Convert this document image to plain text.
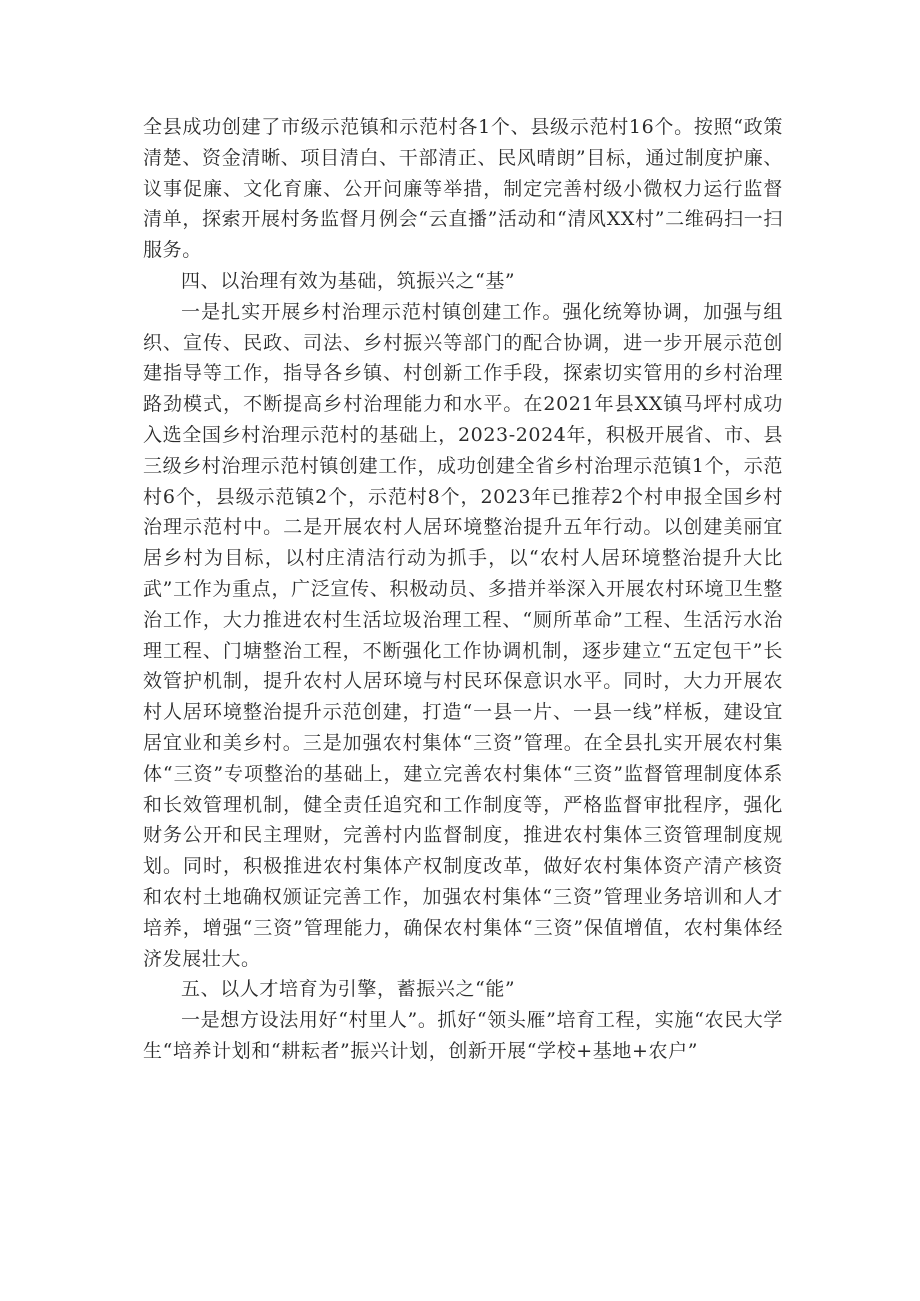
全县成功创建了市级示范镇和示范村各1个、县级示范村16个。按照“政策清楚、资金清晰、项目清白、干部清正、民风晴朗”目标，通过制度护廉、议事促廉、文化育廉、公开问廉等举措，制定完善村级小微权力运行监督清单，探索开展村务监督月例会“云直播”活动和“清风XX村”二维码扫一扫服务。

四、以治理有效为基础，筑振兴之“基”

一是扎实开展乡村治理示范村镇创建工作。强化统筹协调，加强与组织、宣传、民政、司法、乡村振兴等部门的配合协调，进一步开展示范创建指导等工作，指导各乡镇、村创新工作手段，探索切实管用的乡村治理路劲模式，不断提高乡村治理能力和水平。在2021年县XX镇马坪村成功入选全国乡村治理示范村的基础上，2023-2024年，积极开展省、市、县三级乡村治理示范村镇创建工作，成功创建全省乡村治理示范镇1个，示范村6个，县级示范镇2个，示范村8个，2023年已推荐2个村申报全国乡村治理示范村中。二是开展农村人居环境整治提升五年行动。以创建美丽宜居乡村为目标，以村庄清洁行动为抓手，以“农村人居环境整治提升大比武”工作为重点，广泛宣传、积极动员、多措并举深入开展农村环境卫生整治工作，大力推进农村生活垃圾治理工程、“厕所革命”工程、生活污水治理工程、门塘整治工程，不断强化工作协调机制，逐步建立“五定包干”长效管护机制，提升农村人居环境与村民环保意识水平。同时，大力开展农村人居环境整治提升示范创建，打造“一县一片、一县一线”样板，建设宜居宜业和美乡村。三是加强农村集体“三资”管理。在全县扎实开展农村集体“三资”专项整治的基础上，建立完善农村集体“三资”监督管理制度体系和长效管理机制，健全责任追究和工作制度等，严格监督审批程序，强化财务公开和民主理财，完善村内监督制度，推进农村集体三资管理制度规划。同时，积极推进农村集体产权制度改革，做好农村集体资产清产核资和农村土地确权颁证完善工作，加强农村集体“三资”管理业务培训和人才培养，增强“三资”管理能力，确保农村集体“三资”保值增值，农村集体经济发展壮大。

五、以人才培育为引擎，蓄振兴之“能”

一是想方设法用好“村里人”。抓好“领头雁”培育工程，实施“农民大学生“培养计划和“耕耘者”振兴计划，创新开展“学校+基地+农户”
